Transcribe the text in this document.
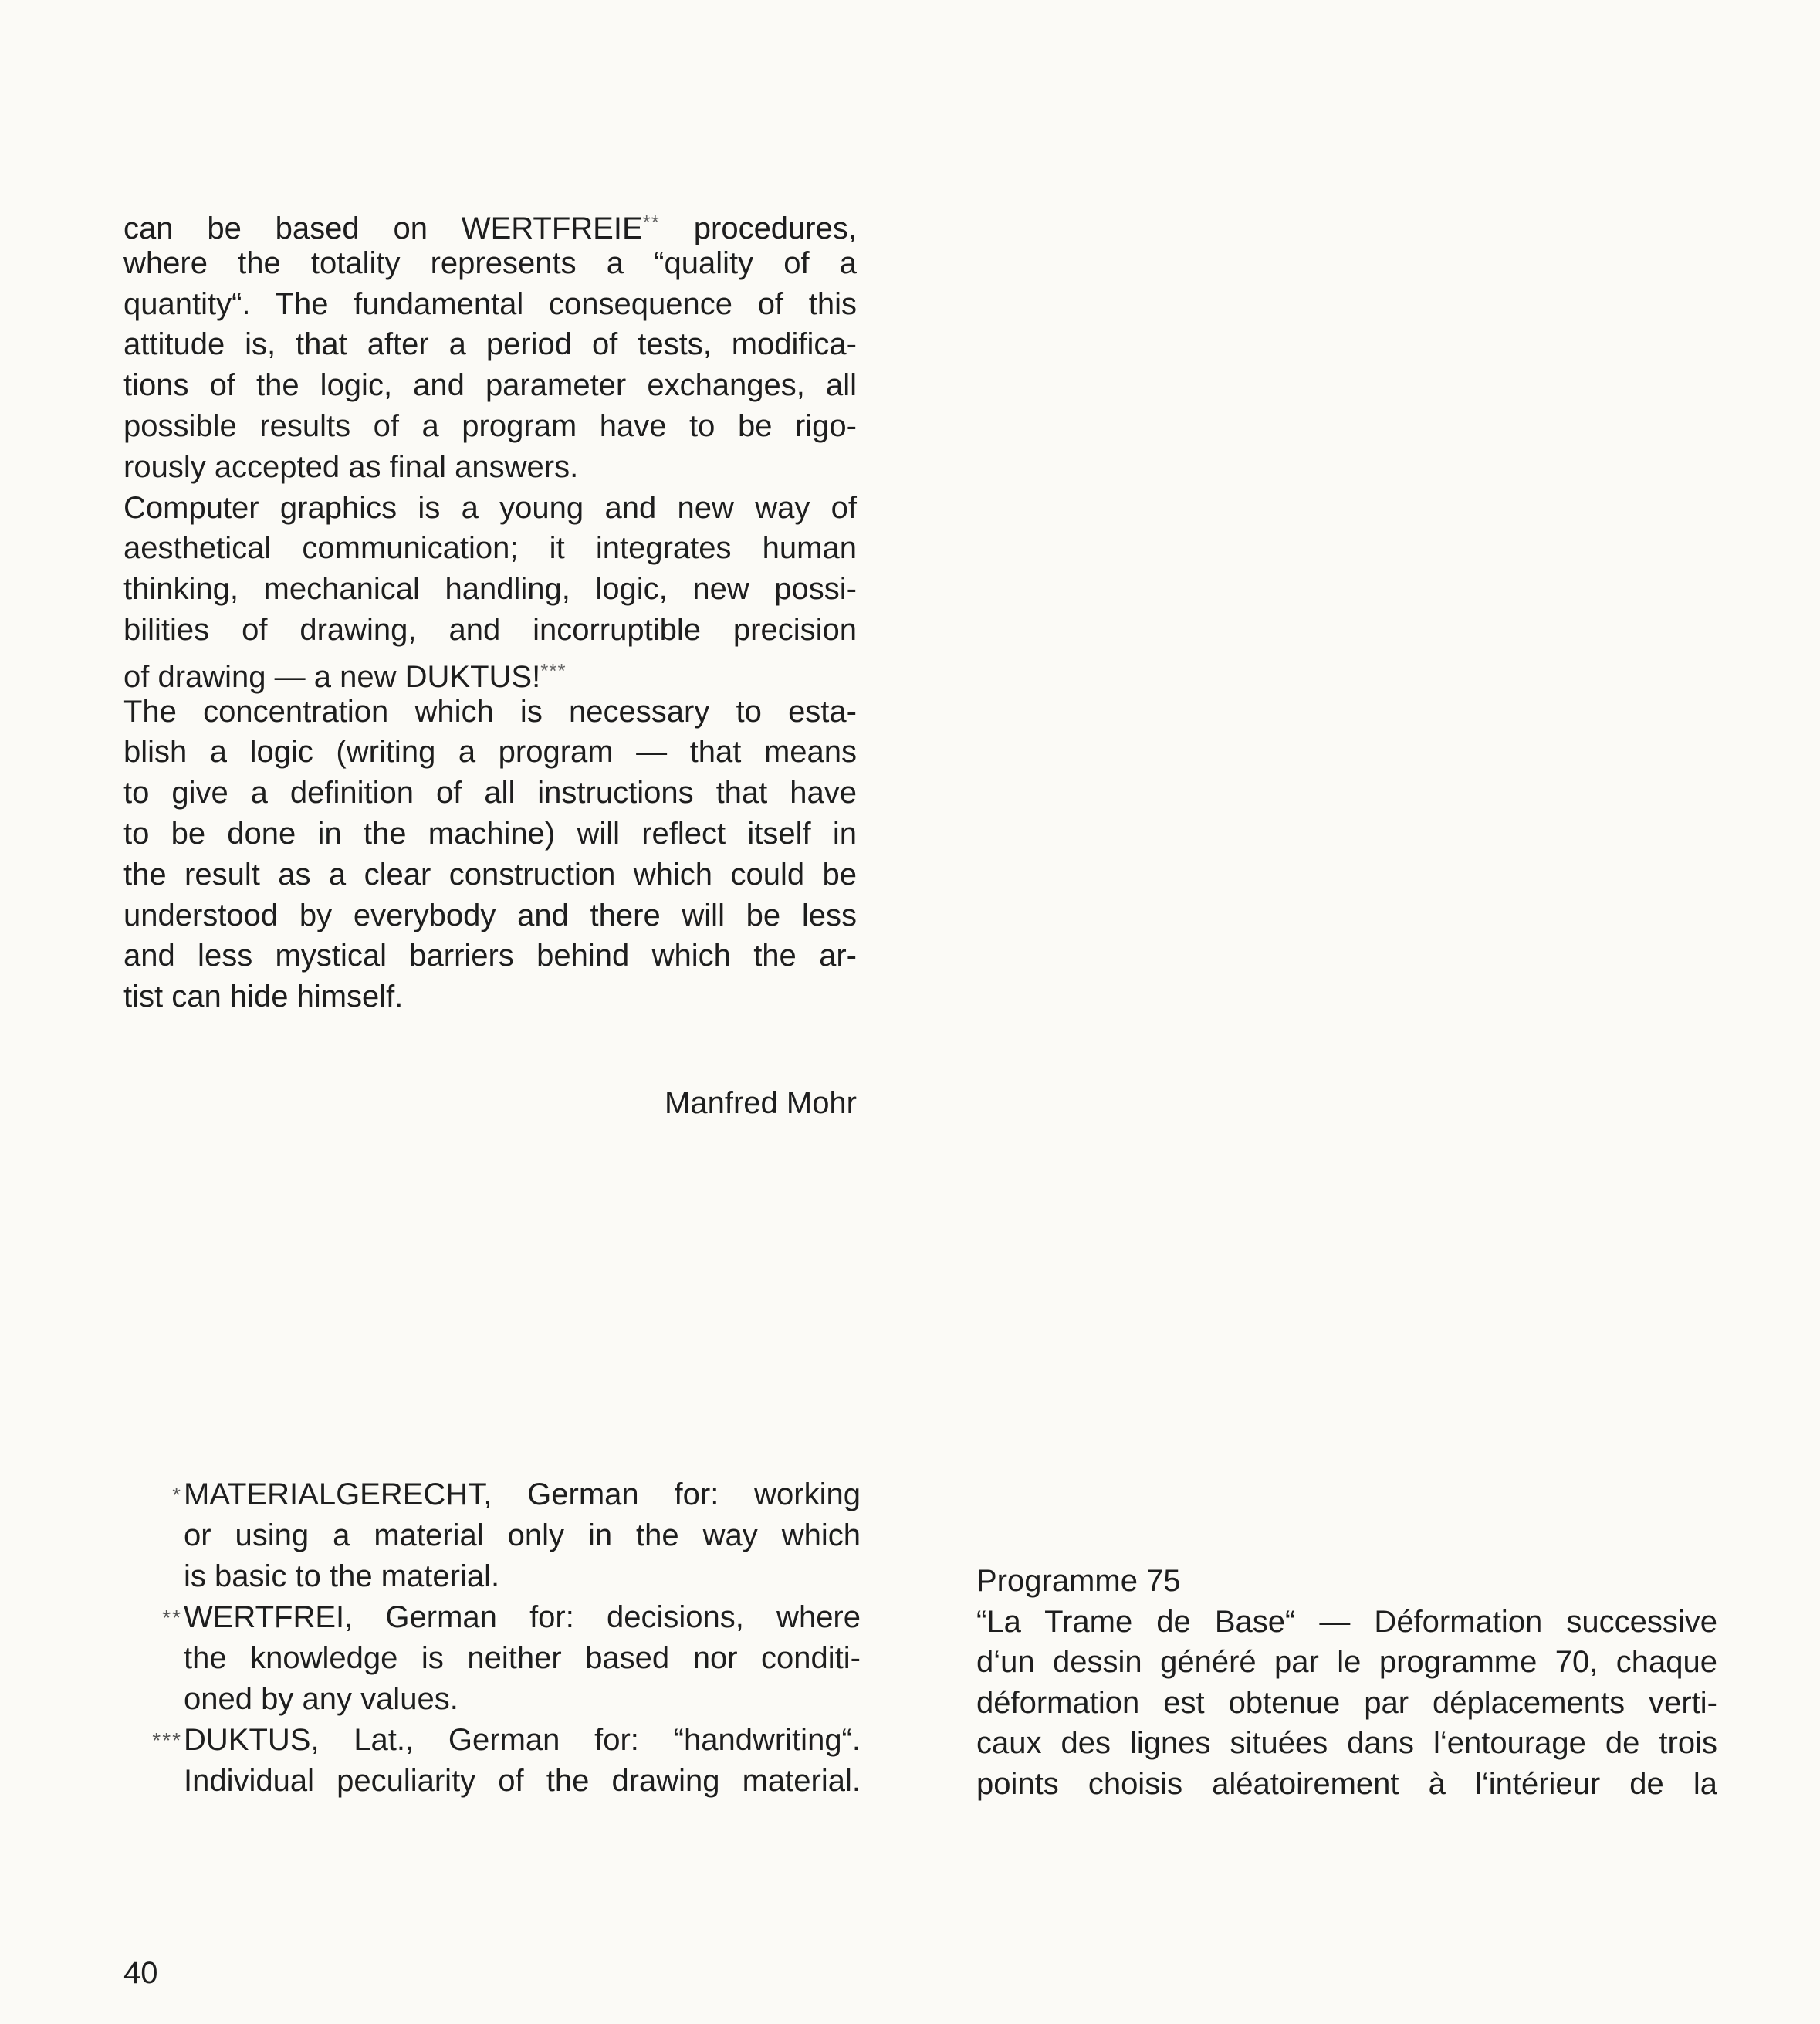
can be based on WERTFREIE** procedures,
where the totality represents a “quality of a
quantity“. The fundamental consequence of this
attitude is, that after a period of tests, modifica-
tions of the logic, and parameter exchanges, all
possible results of a program have to be rigo-
rously accepted as final answers.
Computer graphics is a young and new way of
aesthetical communication; it integrates human
thinking, mechanical handling, logic, new possi-
bilities of drawing, and incorruptible precision
of drawing — a new DUKTUS!***
The concentration which is necessary to esta-
blish a logic (writing a program — that means
to give a definition of all instructions that have
to be done in the machine) will reflect itself in
the result as a clear construction which could be
understood by everybody and there will be less
and less mystical barriers behind which the ar-
tist can hide himself.
Manfred Mohr
* MATERIALGERECHT, German for: working
or using a material only in the way which
is basic to the material.
** WERTFREI, German for: decisions, where
the knowledge is neither based nor conditi-
oned by any values.
*** DUKTUS, Lat., German for: “handwriting“.
Individual peculiarity of the drawing material.
Programme 75
“La Trame de Base“ — Déformation successive
d‘un dessin généré par le programme 70, chaque
déformation est obtenue par déplacements verti-
caux des lignes situées dans l‘entourage de trois
points choisis aléatoirement à l‘intérieur de la
40
